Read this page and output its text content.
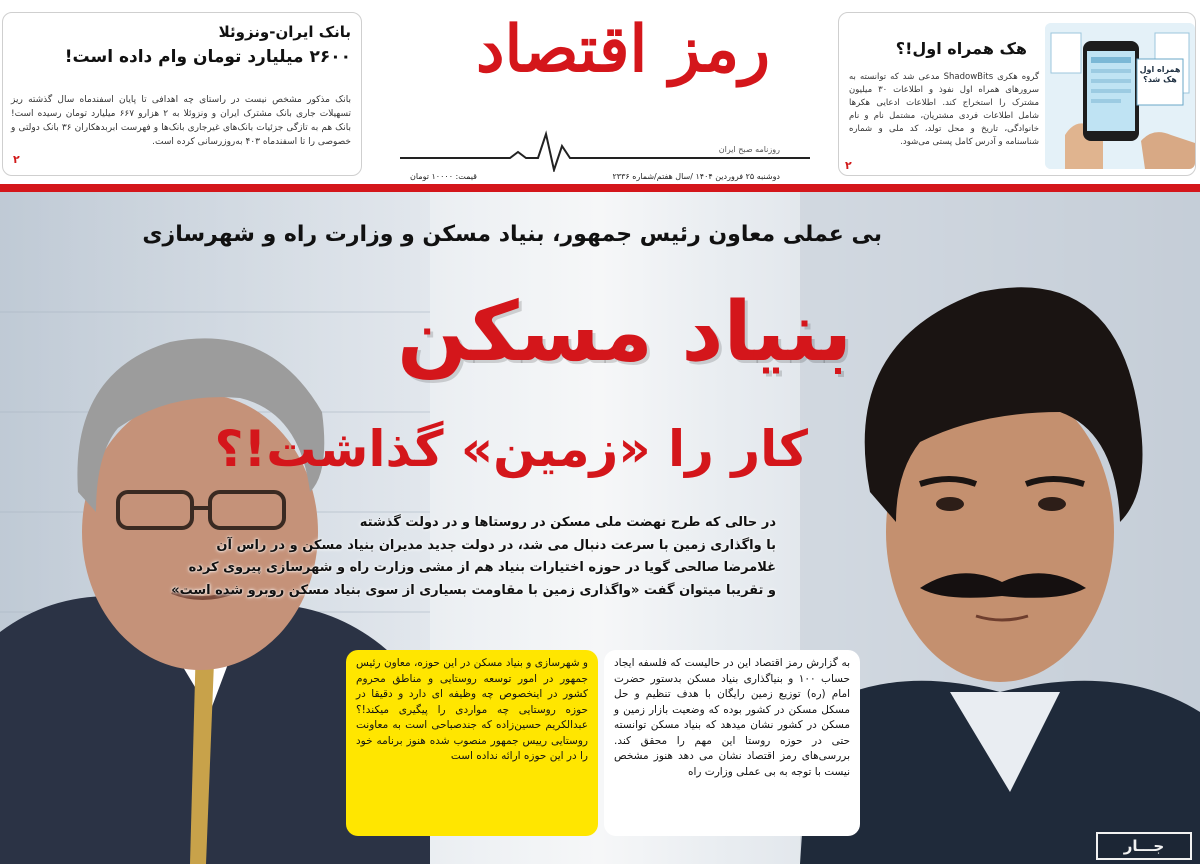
بانک ایران-ونزوئلا
۲۶۰۰ میلیارد تومان وام داده است!
بانک مذکور مشخص نیست در راستای چه اهدافی تا پایان اسفندماه سال گذشته ریز تسهیلات جاری بانک مشترک ایران و ونزوئلا به ۲ هزارو ۶۶۷ میلیارد تومان رسیده است! بانک هم به تازگی جزئیات بانک‌های غیرجاری بانک‌ها و فهرست ابربدهکاران ۳۶ بانک دولتی و خصوصی را تا اسفندماه ۴۰۳ به‌روزرسانی کرده است.
۲
رمز اقتصاد
روزنامه صبح ایران
دوشنبه ۲۵ فروردین ۱۴۰۴ /سال هفتم/شماره ۲۳۳۶
قیمت: ۱۰۰۰۰ تومان
هک همراه اول!؟
گروه هکری ShadowBits مدعی شد که توانسته به سرورهای همراه اول نفوذ و اطلاعات ۳۰ میلیون مشترک را استخراج کند. اطلاعات ادعایی هکرها شامل اطلاعات فردی مشتریان، مشتمل نام و نام خانوادگی، تاریخ و محل تولد، کد ملی و شماره شناسنامه و آدرس کامل پستی می‌شود.
۲
همراه اول هک شد؟
بی عملی معاون رئیس جمهور، بنیاد مسکن و وزارت راه و شهرسازی
بنیاد مسکن
کار را «زمین» گذاشت!؟
در حالی که طرح نهضت ملی مسکن در روستاها و در دولت گذشته
با واگذاری زمین با سرعت دنبال می شد، در دولت جدید مدیران بنیاد مسکن و در راس آن
غلامرضا صالحی گویا در حوزه اختیارات بنیاد هم از مشی وزارت راه و شهرسازی پیروی کرده
و تقریبا میتوان گفت «واگذاری زمین با مقاومت بسیاری از سوی بنیاد مسکن روبرو شده است»
به گزارش رمز اقتصاد این در حالیست که فلسفه ایجاد حساب ۱۰۰ و بنیاگذاری بنیاد مسکن بدستور حضرت امام (ره) توزیع زمین رایگان با هدف تنظیم و حل مسکل مسکن در کشور بوده که وضعیت بازار زمین و مسکن در کشور نشان میدهد که بنیاد مسکن توانسته حتی در حوزه روستا این مهم را محقق کند. بررسی‌های رمز اقتصاد نشان می دهد هنوز مشخص نیست با توجه به بی عملی وزارت راه
و شهرسازی و بنیاد مسکن در این حوزه، معاون رئیس جمهور در امور توسعه روستایی و مناطق محروم کشور در اینخصوص چه وظیفه ای دارد و دقیقا در حوزه روستایی چه مواردی را پیگیری میکند!؟ عبدالکریم حسین‌زاده که جندصباحی است به معاونت روستایی رییس جمهور منصوب شده هنوز برنامه خود را در این حوزه ارائه نداده است
جـــار
